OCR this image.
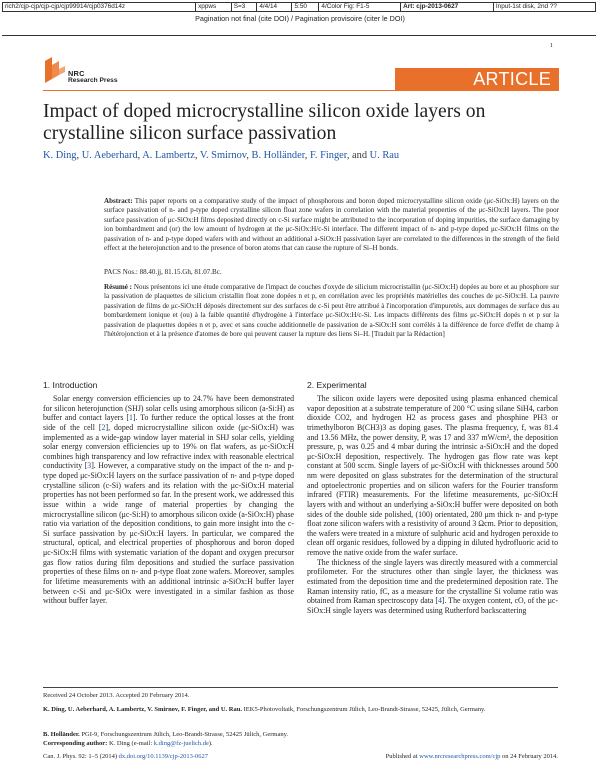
rich2/cjp-cjp/cjp-cjp/cjp99914/cjp0376d14z	xppws	S=3	4/4/14	5:50	4/Color Fig: F1-5	Art: cjp-2013-0627	Input-1st disk, 2nd ??
Pagination not final (cite DOI) / Pagination provisoire (citer le DOI)
1
NRC
Research Press	ARTICLE
Impact of doped microcrystalline silicon oxide layers on
crystalline silicon surface passivation
K. Ding, U. Aeberhard, A. Lambertz, V. Smirnov, B. Holländer, F. Finger, and U. Rau
Abstract: This paper reports on a comparative study of the impact of phosphorous and boron doped microcrystalline silicon oxide (μc-SiOx:H) layers on the surface passivation of n- and p-type doped crystalline silicon float zone wafers in correlation with the material properties of the μc-SiOx:H layers. The poor surface passivation of μc-SiOx:H films deposited directly on c-Si surface might be attributed to the incorporation of doping impurities, the surface damaging by ion bombardment and (or) the low amount of hydrogen at the μc-SiOx:H/c-Si interface. The different impact of n- and p-type doped μc-SiOx:H films on the passivation of n- and p-type doped wafers with and without an additional a-SiOx:H passivation layer are correlated to the differences in the strength of the field effect at the heterojunction and to the presence of boron atoms that can cause the rupture of Si–H bonds.
PACS Nos.: 88.40.jj, 81.15.Gh, 81.07.Bc.
Résumé : Nous présentons ici une étude comparative de l'impact de couches d'oxyde de silicium microcristallin (μc-SiOx:H) dopées au bore et au phosphore sur la passivation de plaquettes de silicium cristallin float zone dopées n et p, en corrélation avec les propriétés matérielles des couches de μc-SiOx:H. La pauvre passivation de films de μc-SiOx:H déposés directement sur des surfaces de c-Si peut être attribué à l'incorporation d'impuretés, aux dommages de surface dus au bombardement ionique et (ou) à la faible quantité d'hydrogène à l'interface μc-SiOx:H/c-Si. Les impacts différents des films μc-SiOx:H dopés n et p sur la passivation de plaquettes dopées n et p, avec et sans couche additionnelle de passivation de a-SiOx:H sont corrélés à la différence de force d'effet de champ à l'hétérojonction et à la présence d'atomes de bore qui peuvent causer la rupture des liens Si–H. [Traduit par la Rédaction]
1. Introduction

Solar energy conversion efficiencies up to 24.7% have been demonstrated for silicon heterojunction (SHJ) solar cells using amorphous silicon (a-Si:H) as buffer and contact layers [1]. To further reduce the optical losses at the front side of the cell [2], doped microcrystalline silicon oxide (μc-SiOx:H) was implemented as a wide-gap window layer material in SHJ solar cells, yielding solar energy conversion efficiencies up to 19% on flat wafers, as μc-SiOx:H combines high transparency and low refractive index with reasonable electrical conductivity [3]. However, a comparative study on the impact of the n- and p-type doped μc-SiOx:H layers on the surface passivation of n- and p-type doped crystalline silicon (c-Si) wafers and its relation with the μc-SiOx:H material properties has not been performed so far. In the present work, we addressed this issue within a wide range of material properties by changing the microcrystalline silicon (μc-Si:H) to amorphous silicon oxide (a-SiOx:H) phase ratio via variation of the deposition conditions, to gain more insight into the c-Si surface passivation by μc-SiOx:H layers. In particular, we compared the structural, optical, and electrical properties of phosphorous and boron doped μc-SiOx:H films with systematic variation of the dopant and oxygen precursor gas flow ratios during film depositions and studied the surface passivation properties of these films on n- and p-type float zone wafers. Moreover, samples for lifetime measurements with an additional intrinsic a-SiOx:H buffer layer between c-Si and μc-SiOx were investigated in a similar fashion as those without buffer layer.

2. Experimental

The silicon oxide layers were deposited using plasma enhanced chemical vapor deposition at a substrate temperature of 200 °C using silane SiH4, carbon dioxide CO2, and hydrogen H2 as process gases and phosphine PH3 or trimethylboron B(CH3)3 as doping gases. The plasma frequency, f, was 81.4 and 13.56 MHz, the power density, P, was 17 and 337 mW/cm², the deposition pressure, p, was 0.25 and 4 mbar during the intrinsic a-SiOx:H and the doped μc-SiOx:H deposition, respectively. The hydrogen gas flow rate was kept constant at 500 sccm. Single layers of μc-SiOx:H with thicknesses around 500 nm were deposited on glass substrates for the determination of the structural and optoelectronic properties and on silicon wafers for the Fourier transform infrared (FTIR) measurements. For the lifetime measurements, μc-SiOx:H layers with and without an underlying a-SiOx:H buffer were deposited on both sides of the double side polished, (100) orientated, 280 μm thick n- and p-type float zone silicon wafers with a resistivity of around 3 Ωcm. Prior to deposition, the wafers were treated in a mixture of sulphuric acid and hydrogen peroxide to clean off organic residues, followed by a dipping in diluted hydrofluoric acid to remove the native oxide from the wafer surface.

The thickness of the single layers was directly measured with a commercial profilometer. For the structures other than single layer, the thickness was estimated from the deposition time and the predetermined deposition rate. The Raman intensity ratio, fC, as a measure for the crystalline Si volume ratio was obtained from Raman spectroscopy data [4]. The oxygen content, cO, of the μc-SiOx:H single layers was determined using Rutherford backscattering

Received 24 October 2013. Accepted 20 February 2014.
K. Ding, U. Aeberhard, A. Lambertz, V. Smirnov, F. Finger, and U. Rau. IEK5-Photovoltaik, Forschungszentrum Jülich, Leo-Brandt-Strasse, 52425, Jülich, Germany.
B. Holländer. PGI-9, Forschungszentrum Jülich, Leo-Brandt-Strasse, 52425 Jülich, Germany.
Corresponding author: K. Ding (e-mail: k.ding@fz-juelich.de).
Can. J. Phys. 92: 1–5 (2014) dx.doi.org/10.1139/cjp-2013-0627	Published at www.nrcresearchpress.com/cjp on 24 February 2014.
